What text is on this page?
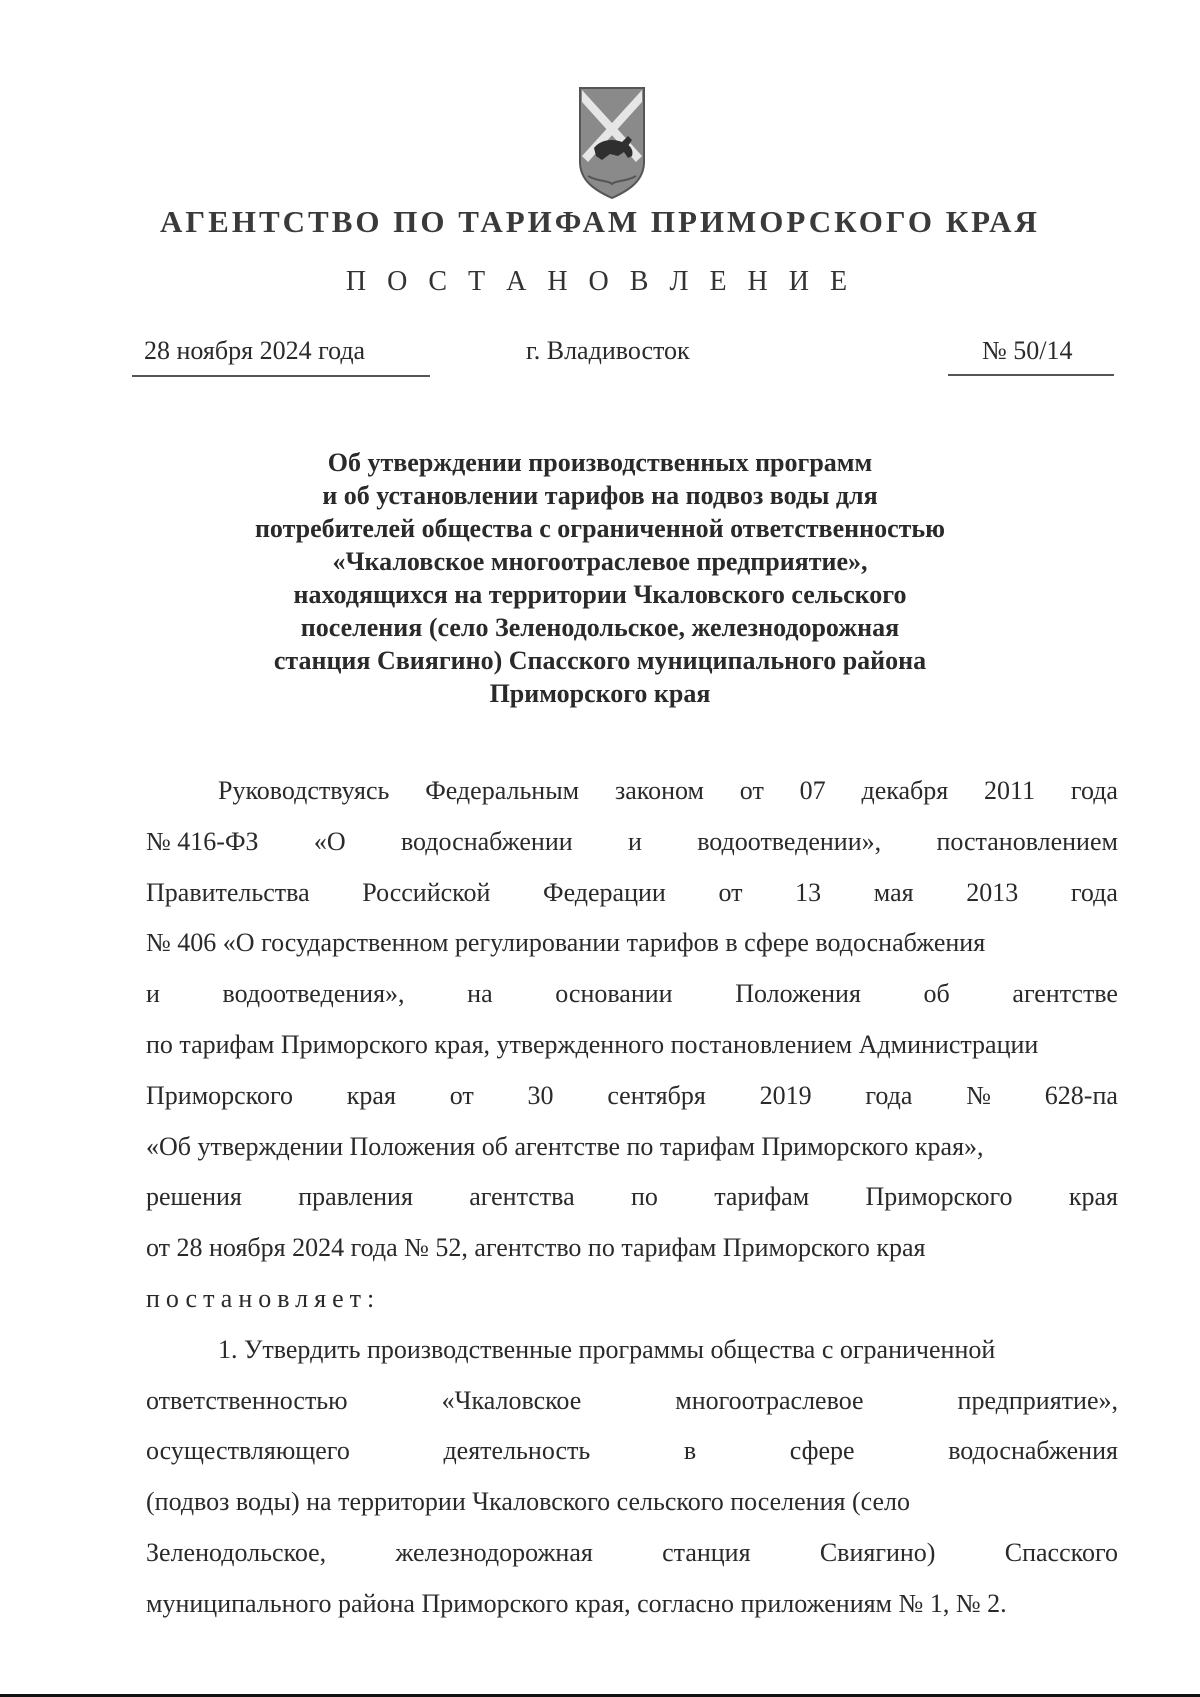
АГЕНТСТВО ПО ТАРИФАМ ПРИМОРСКОГО КРАЯ
П О С Т А Н О В Л Е Н И Е
28 ноября 2024 года	г. Владивосток	№ 50/14
Об утверждении производственных программ
и об установлении тарифов на подвоз воды для
потребителей общества с ограниченной ответственностью
«Чкаловское многоотраслевое предприятие»,
находящихся на территории Чкаловского сельского
поселения (село Зеленодольское, железнодорожная
станция Свиягино) Спасского муниципального района
Приморского края
Руководствуясь Федеральным законом от 07 декабря 2011 года
№ 416-ФЗ «О водоснабжении и водоотведении», постановлением
Правительства Российской Федерации от 13 мая 2013 года
№ 406 «О государственном регулировании тарифов в сфере водоснабжения
и водоотведения», на основании Положения об агентстве
по тарифам Приморского края, утвержденного постановлением Администрации
Приморского края от 30 сентября 2019 года № 628-па
«Об утверждении Положения об агентстве по тарифам Приморского края»,
решения правления агентства по тарифам Приморского края
от 28 ноября 2024 года № 52, агентство по тарифам Приморского края
постановляет:
1. Утвердить производственные программы общества с ограниченной
ответственностью	«Чкаловское	многоотраслевое	предприятие»,
осуществляющего	деятельность	в	сфере	водоснабжения
(подвоз воды) на территории Чкаловского сельского поселения (село
Зеленодольское,	железнодорожная	станция	Свиягино)	Спасского
муниципального района Приморского края, согласно приложениям № 1, № 2.
